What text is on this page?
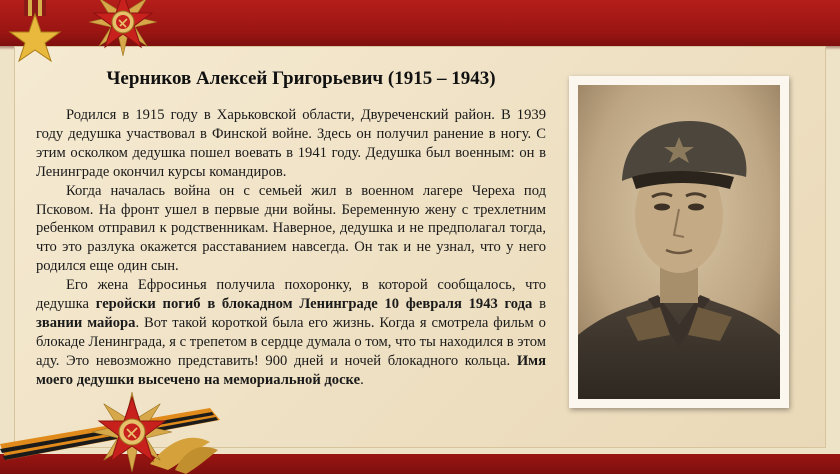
Черников Алексей Григорьевич (1915 – 1943)

Родился в 1915 году в Харьковской области, Двуреченский район. В 1939 году дедушка участвовал в Финской войне. Здесь он получил ранение в ногу. С этим осколком дедушка пошел воевать в 1941 году. Дедушка был военным: он в Ленинграде окончил курсы командиров.

Когда началась война он с семьей жил в военном лагере Череха под Псковом. На фронт ушел в первые дни войны. Беременную жену с трехлетним ребенком отправил к родственникам. Наверное, дедушка и не предполагал тогда, что это разлука окажется расставанием навсегда. Он так и не узнал, что у него родился еще один сын.

Его жена Ефросинья получила похоронку, в которой сообщалось, что дедушка геройски погиб в блокадном Ленинграде 10 февраля 1943 года в звании майора. Вот такой короткой была его жизнь. Когда я смотрела фильм о блокаде Ленинграда, я с трепетом в сердце думала о том, что ты находился в этом аду. Это невозможно представить! 900 дней и ночей блокадного кольца. Имя моего дедушки высечено на мемориальной доске.
